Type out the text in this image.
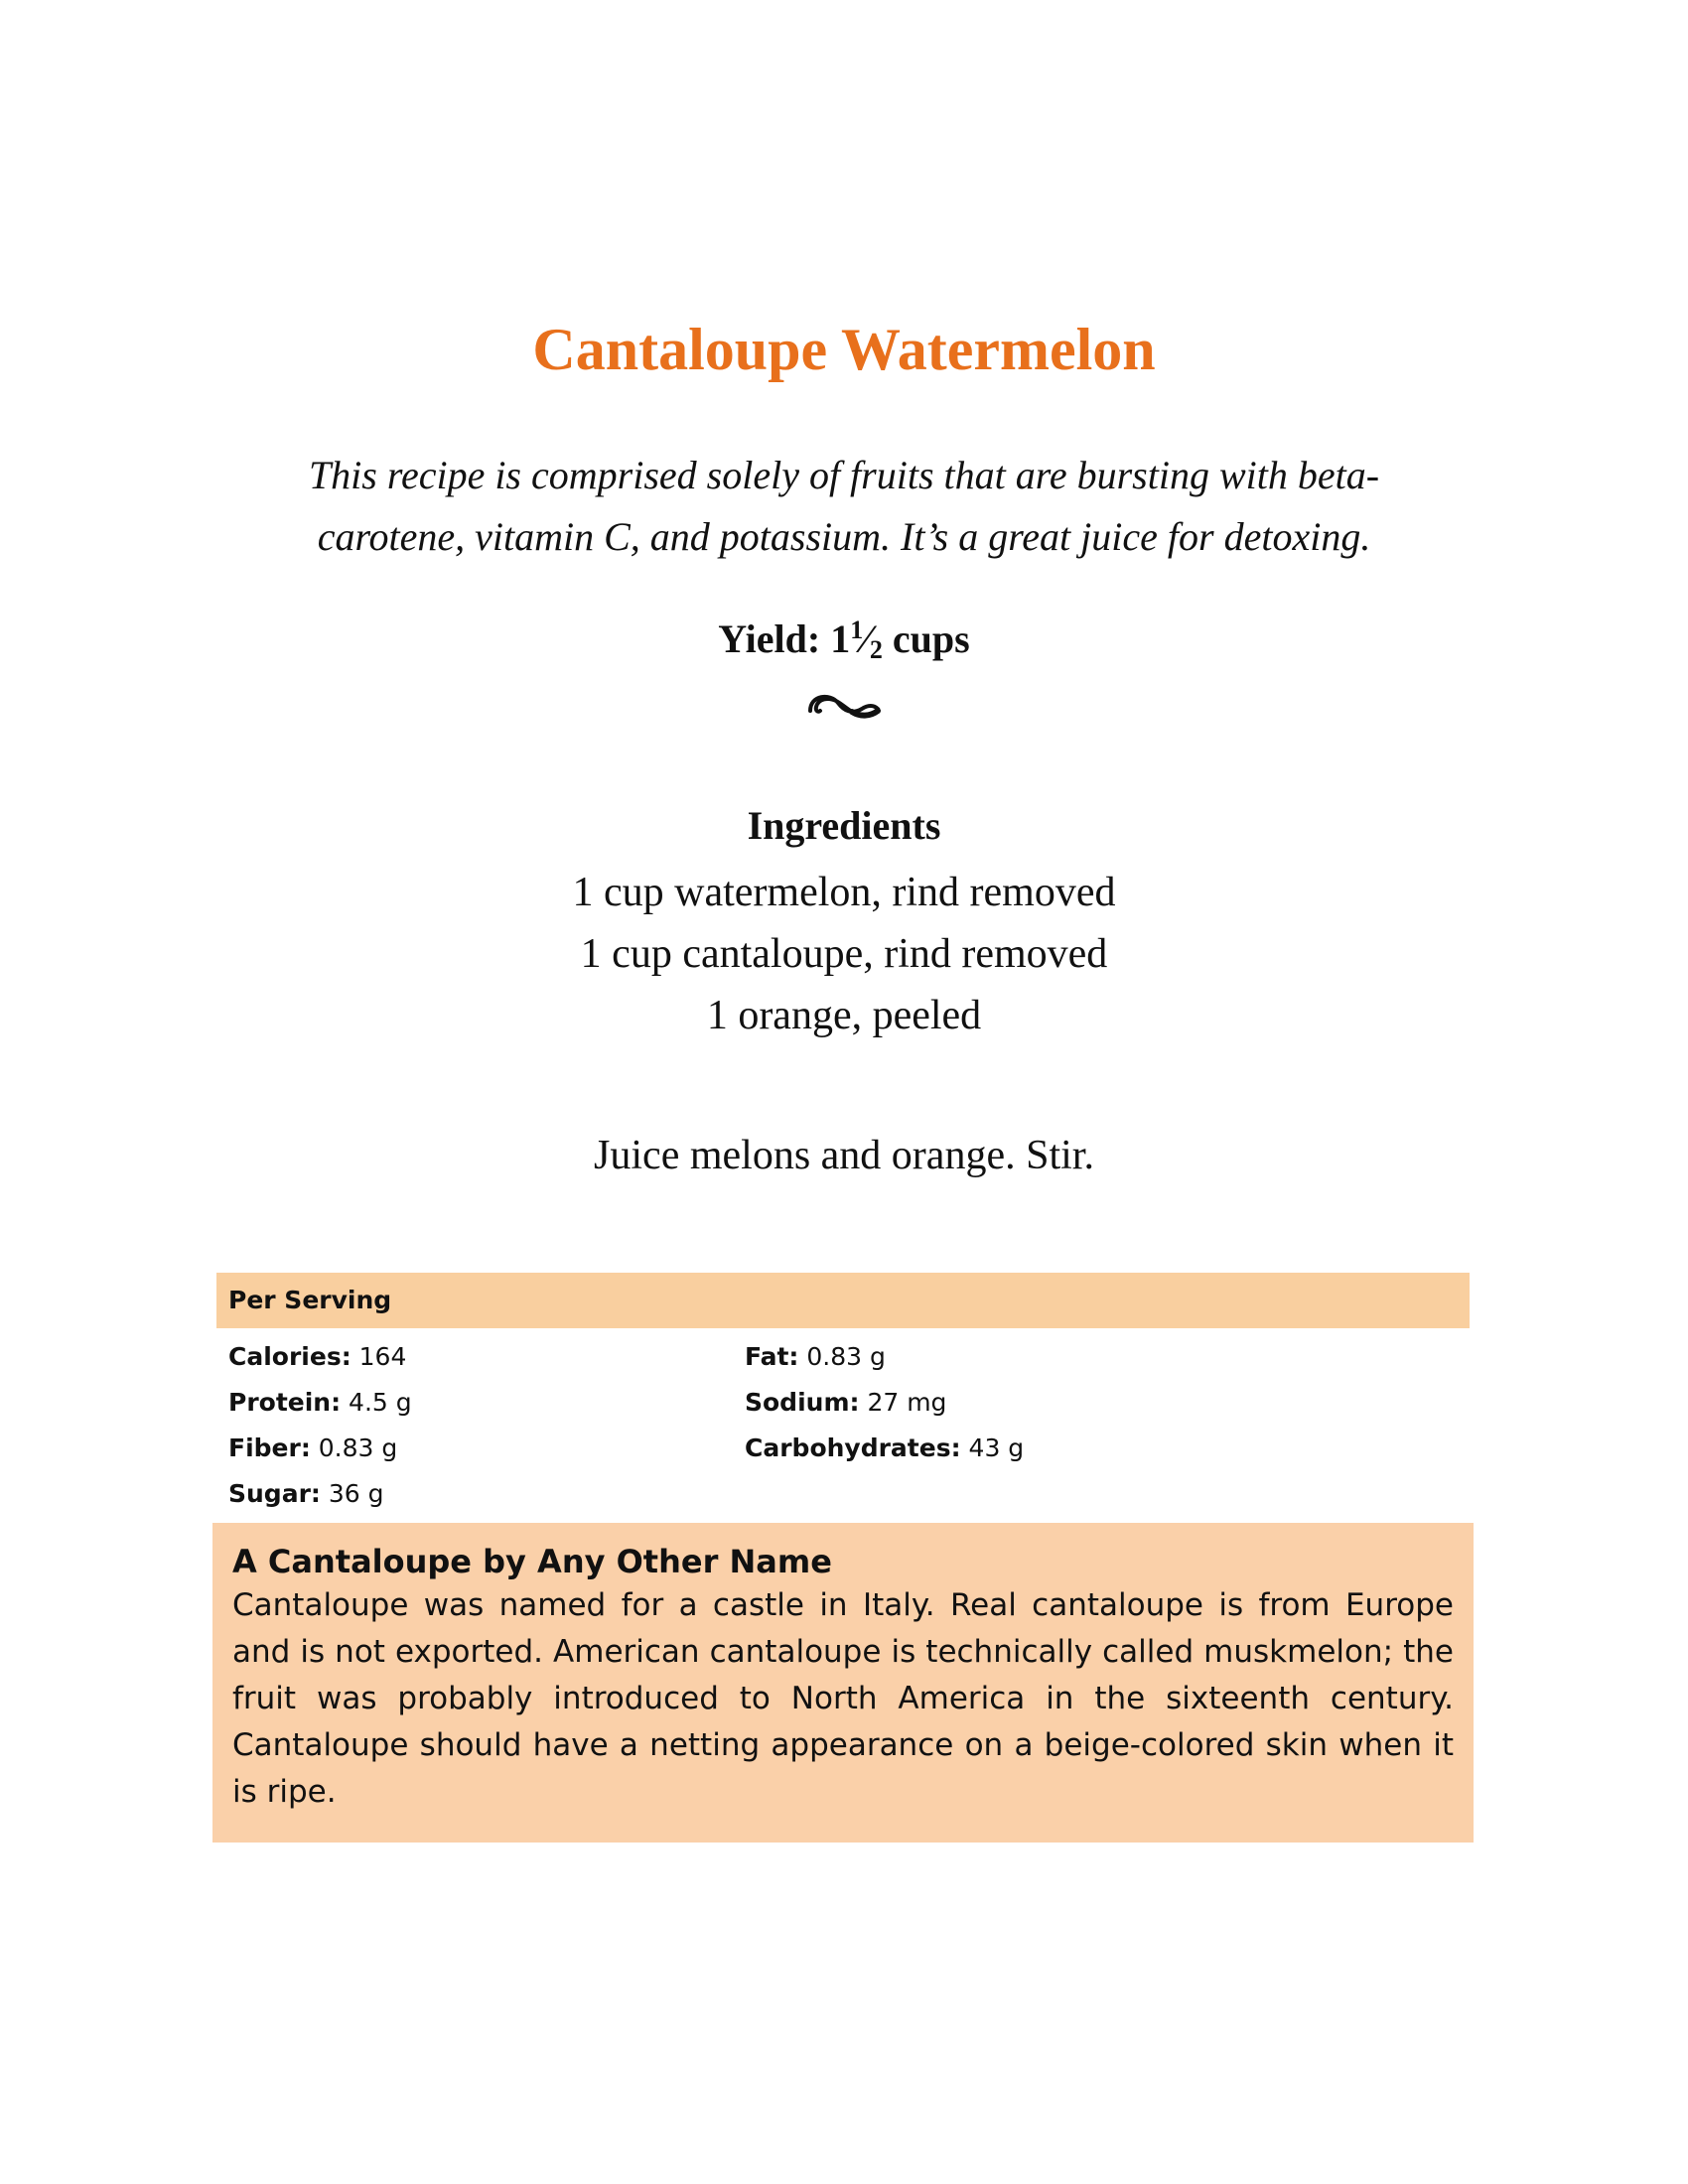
Cantaloupe Watermelon

This recipe is comprised solely of fruits that are bursting with beta-carotene, vitamin C, and potassium. It’s a great juice for detoxing.

Yield: $1^1⁄2$ cups

Ingredients
1 cup watermelon, rind removed
1 cup cantaloupe, rind removed
1 orange, peeled

Juice melons and orange. Stir.

Per Serving
Calories: 164	Fat: 0.83 g
Protein: 4.5 g	Sodium: 27 mg
Fiber: 0.83 g	Carbohydrates: 43 g
Sugar: 36 g
A Cantaloupe by Any Other Name

Cantaloupe was named for a castle in Italy. Real cantaloupe is from Europe and is not exported. American cantaloupe is technically called muskmelon; the fruit was probably introduced to North America in the sixteenth century. Cantaloupe should have a netting appearance on a beige-colored skin when it is ripe.
